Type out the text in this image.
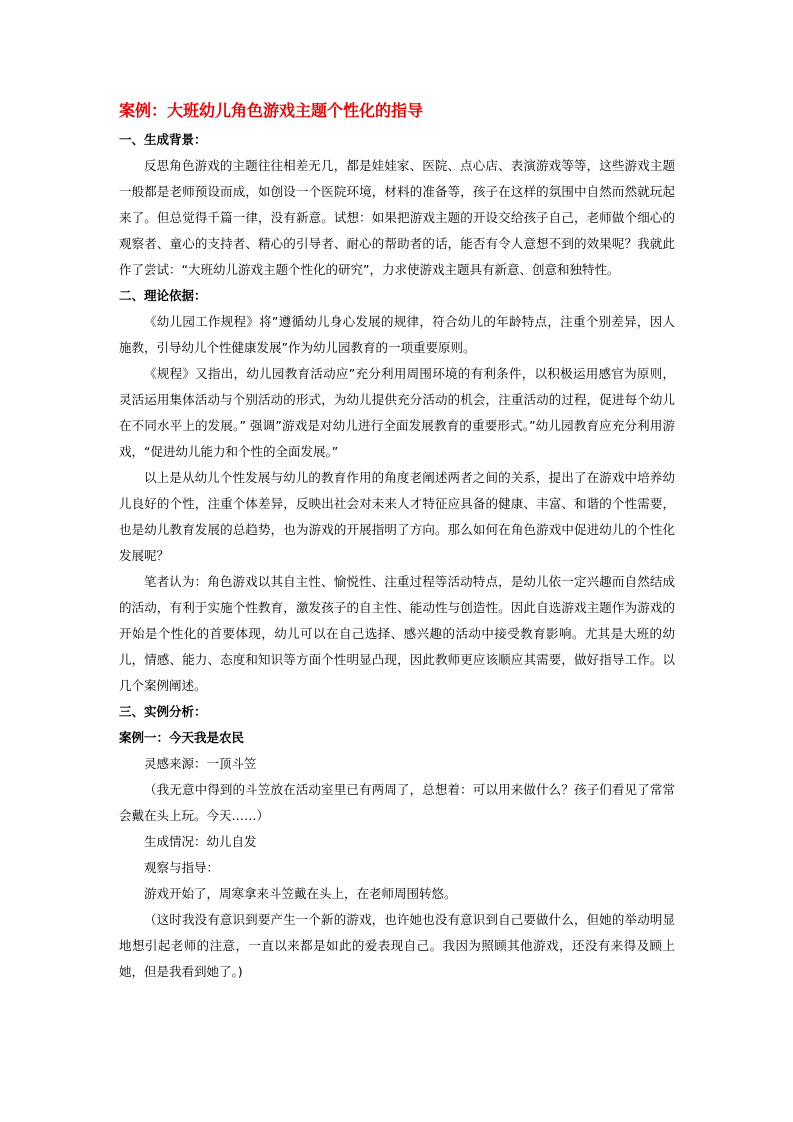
案例：大班幼儿角色游戏主题个性化的指导
一、生成背景：

反思角色游戏的主题往往相差无几，都是娃娃家、医院、点心店、表演游戏等等，这些游戏主题一般都是老师预设而成，如创设一个医院环境，材料的准备等，孩子在这样的氛围中自然而然就玩起来了。但总觉得千篇一律，没有新意。试想：如果把游戏主题的开设交给孩子自己，老师做个细心的观察者、童心的支持者、精心的引导者、耐心的帮助者的话，能否有令人意想不到的效果呢？我就此作了尝试：“大班幼儿游戏主题个性化的研究”，力求使游戏主题具有新意、创意和独特性。

二、理论依据：

《幼儿园工作规程》将”遵循幼儿身心发展的规律，符合幼儿的年龄特点，注重个别差异，因人施教，引导幼儿个性健康发展”作为幼儿园教育的一项重要原则。

《规程》又指出，幼儿园教育活动应”充分利用周围环境的有利条件，以积极运用感官为原则，灵活运用集体活动与个别活动的形式，为幼儿提供充分活动的机会，注重活动的过程，促进每个幼儿在不同水平上的发展。” 强调”游戏是对幼儿进行全面发展教育的重要形式。”幼儿园教育应充分利用游戏，“促进幼儿能力和个性的全面发展。”

以上是从幼儿个性发展与幼儿的教育作用的角度老阐述两者之间的关系，提出了在游戏中培养幼儿良好的个性，注重个体差异，反映出社会对未来人才特征应具备的健康、丰富、和谐的个性需要，也是幼儿教育发展的总趋势，也为游戏的开展指明了方向。那么如何在角色游戏中促进幼儿的个性化发展呢？

笔者认为：角色游戏以其自主性、愉悦性、注重过程等活动特点，是幼儿依一定兴趣而自然结成的活动，有利于实施个性教育，激发孩子的自主性、能动性与创造性。因此自选游戏主题作为游戏的开始是个性化的首要体现，幼儿可以在自己选择、感兴趣的活动中接受教育影响。尤其是大班的幼儿，情感、能力、态度和知识等方面个性明显凸现，因此教师更应该顺应其需要，做好指导工作。以几个案例阐述。

三、实例分析：
案例一：今天我是农民
灵感来源：一顶斗笠

（我无意中得到的斗笠放在活动室里已有两周了，总想着：可以用来做什么？孩子们看见了常常会戴在头上玩。今天……）

生成情况：幼儿自发
观察与指导：
游戏开始了，周寒拿来斗笠戴在头上，在老师周围转悠。

（这时我没有意识到要产生一个新的游戏，也许她也没有意识到自己要做什么，但她的举动明显地想引起老师的注意，一直以来都是如此的爱表现自己。我因为照顾其他游戏，还没有来得及顾上她，但是我看到她了。)
